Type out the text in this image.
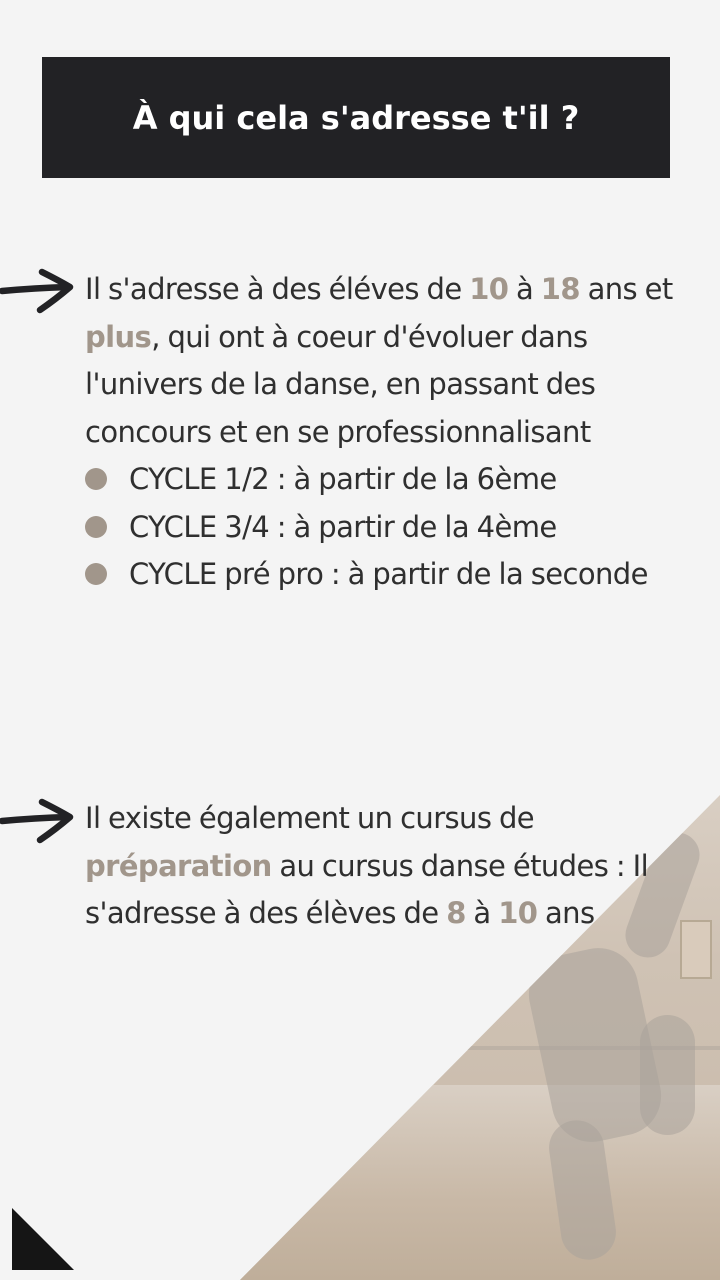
À qui cela s'adresse t'il ?
Il s'adresse à des éléves de 10 à 18 ans et plus, qui ont à coeur d'évoluer dans l'univers de la danse, en passant des concours et en se professionnalisant
CYCLE 1/2 : à partir de la 6ème
CYCLE 3/4 : à partir de la 4ème
CYCLE pré pro : à partir de la seconde
Il existe également un cursus de préparation au cursus danse études : Il s'adresse à des élèves de 8 à 10 ans
